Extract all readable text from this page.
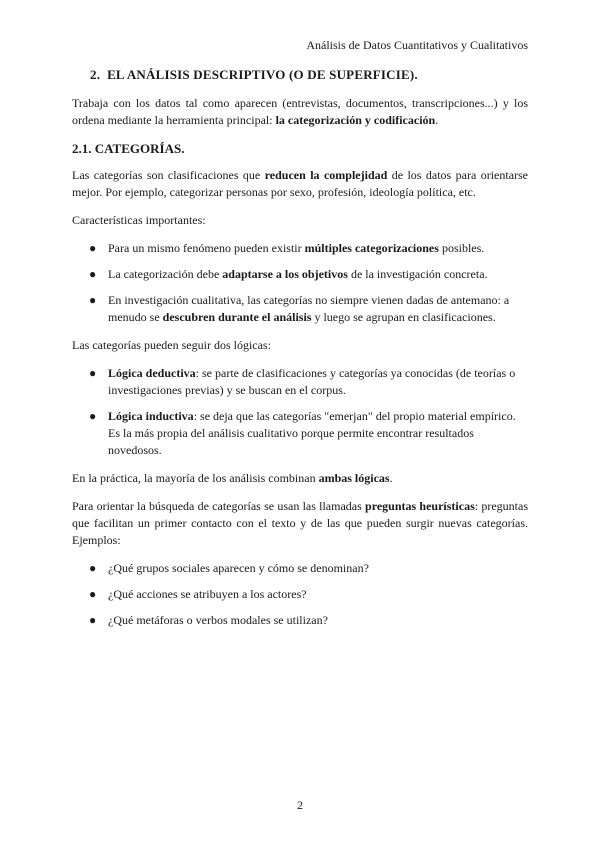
Análisis de Datos Cuantitativos y Cualitativos
2. EL ANÁLISIS DESCRIPTIVO (O DE SUPERFICIE).

Trabaja con los datos tal como aparecen (entrevistas, documentos, transcripciones...) y los ordena mediante la herramienta principal: la categorización y codificación.

2.1. CATEGORÍAS.

Las categorías son clasificaciones que reducen la complejidad de los datos para orientarse mejor. Por ejemplo, categorizar personas por sexo, profesión, ideología política, etc.

Características importantes:

● Para un mismo fenómeno pueden existir múltiples categorizaciones posibles.
● La categorización debe adaptarse a los objetivos de la investigación concreta.
● En investigación cualitativa, las categorías no siempre vienen dadas de antemano: a menudo se descubren durante el análisis y luego se agrupan en clasificaciones.

Las categorías pueden seguir dos lógicas:

● Lógica deductiva: se parte de clasificaciones y categorías ya conocidas (de teorías o investigaciones previas) y se buscan en el corpus.
● Lógica inductiva: se deja que las categorías "emerjan" del propio material empírico. Es la más propia del análisis cualitativo porque permite encontrar resultados novedosos.

En la práctica, la mayoría de los análisis combinan ambas lógicas.

Para orientar la búsqueda de categorías se usan las llamadas preguntas heurísticas: preguntas que facilitan un primer contacto con el texto y de las que pueden surgir nuevas categorías. Ejemplos:

● ¿Qué grupos sociales aparecen y cómo se denominan?
● ¿Qué acciones se atribuyen a los actores?
● ¿Qué metáforas o verbos modales se utilizan?
2
